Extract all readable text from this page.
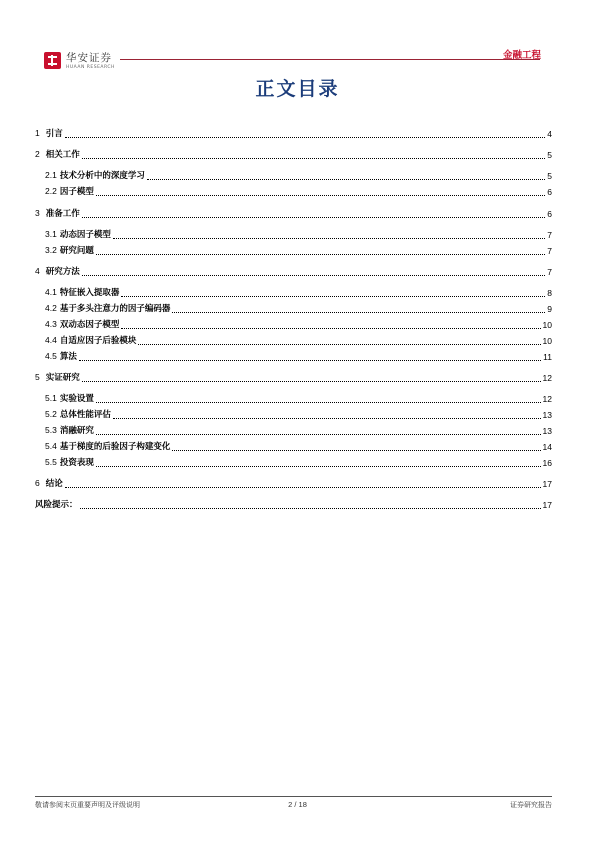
华安证券
HUAAN RESEARCH
金融工程
正文目录
1 引言	4
2 相关工作	5
2.1 技术分析中的深度学习	5
2.2 因子模型	6
3 准备工作	6
3.1 动态因子模型	7
3.2 研究问题	7
4 研究方法	7
4.1 特征嵌入提取器	8
4.2 基于多头注意力的因子编码器	9
4.3 双动态因子模型	10
4.4 自适应因子后验模块	10
4.5 算法	11
5 实证研究	12
5.1 实验设置	12
5.2 总体性能评估	13
5.3 消融研究	13
5.4 基于梯度的后验因子构建变化	14
5.5 投资表现	16
6 结论	17
风险提示：	17
敬请参阅末页重要声明及评级说明	2 / 18	证券研究报告
